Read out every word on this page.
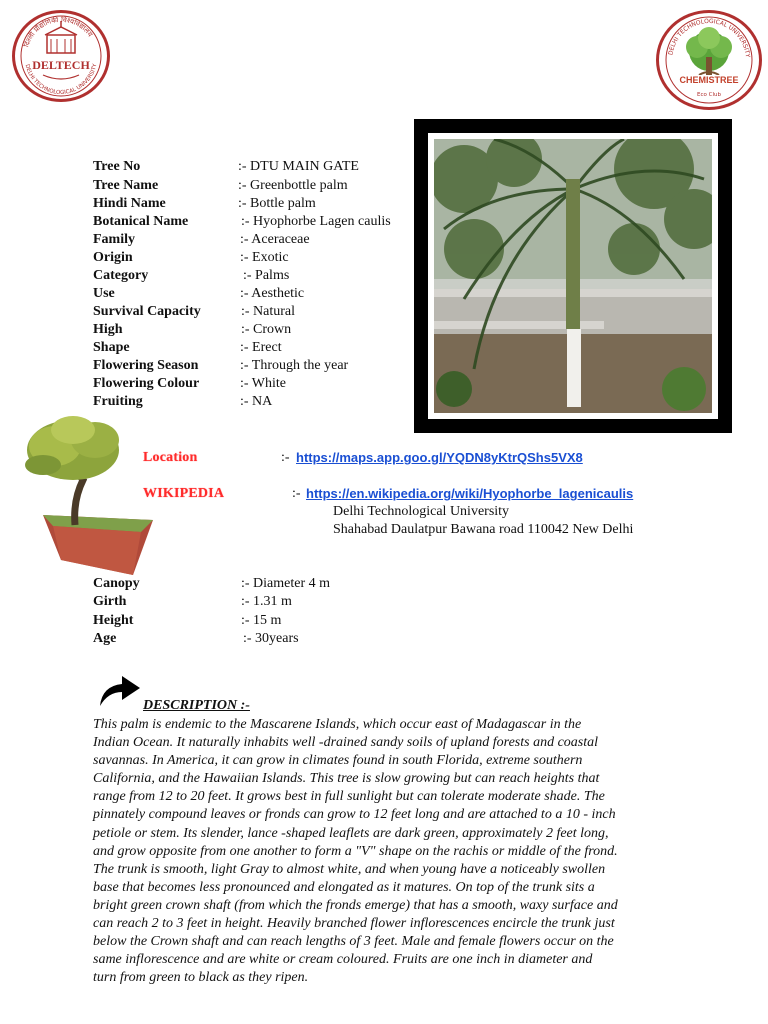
दिल्ली प्रौद्योगिकी विश्वविद्यालय
DELHI TECHNOLOGICAL UNIVERSITY
DELTECH
DELHI TECHNOLOGICAL UNIVERSITY
CHEMISTREE
Eco Club
Tree No	:- DTU MAIN GATE
Tree Name	:- Greenbottle palm
Hindi Name	:- Bottle palm
Botanical Name	:- Hyophorbe Lagen caulis
Family	:- Aceraceae
Origin	:- Exotic
Category	:- Palms
Use	:- Aesthetic
Survival Capacity	:- Natural
High	:- Crown
Shape	:- Erect
Flowering Season	:- Through the year
Flowering Colour	:- White
Fruiting	:- NA
Location	:- https://maps.app.goo.gl/YQDN8yKtrQShs5VX8
WIKIPEDIA	:- https://en.wikipedia.org/wiki/Hyophorbe_lagenicaulis
Delhi Technological University
Shahabad Daulatpur Bawana road 110042 New Delhi
Canopy	:- Diameter 4 m
Girth	:- 1.31 m
Height	:- 15 m
Age	:- 30years
DESCRIPTION :-
This palm is endemic to the Mascarene Islands, which occur east of Madagascar in the
Indian Ocean. It naturally inhabits well -drained sandy soils of upland forests and coastal
savannas. In America, it can grow in climates found in south Florida, extreme southern
California, and the Hawaiian Islands. This tree is slow growing but can reach heights that
range from 12 to 20 feet. It grows best in full sunlight but can tolerate moderate shade. The
pinnately compound leaves or fronds can grow to 12 feet long and are attached to a 10 - inch
petiole or stem. Its slender, lance -shaped leaflets are dark green, approximately 2 feet long,
and grow opposite from one another to form a "V" shape on the rachis or middle of the frond.
The trunk is smooth, light Gray to almost white, and when young have a noticeably swollen
base that becomes less pronounced and elongated as it matures. On top of the trunk sits a
bright green crown shaft (from which the fronds emerge) that has a smooth, waxy surface and
can reach 2 to 3 feet in height. Heavily branched flower inflorescences encircle the trunk just
below the Crown shaft and can reach lengths of 3 feet. Male and female flowers occur on the
same inflorescence and are white or cream coloured. Fruits are one inch in diameter and
turn from green to black as they ripen.
